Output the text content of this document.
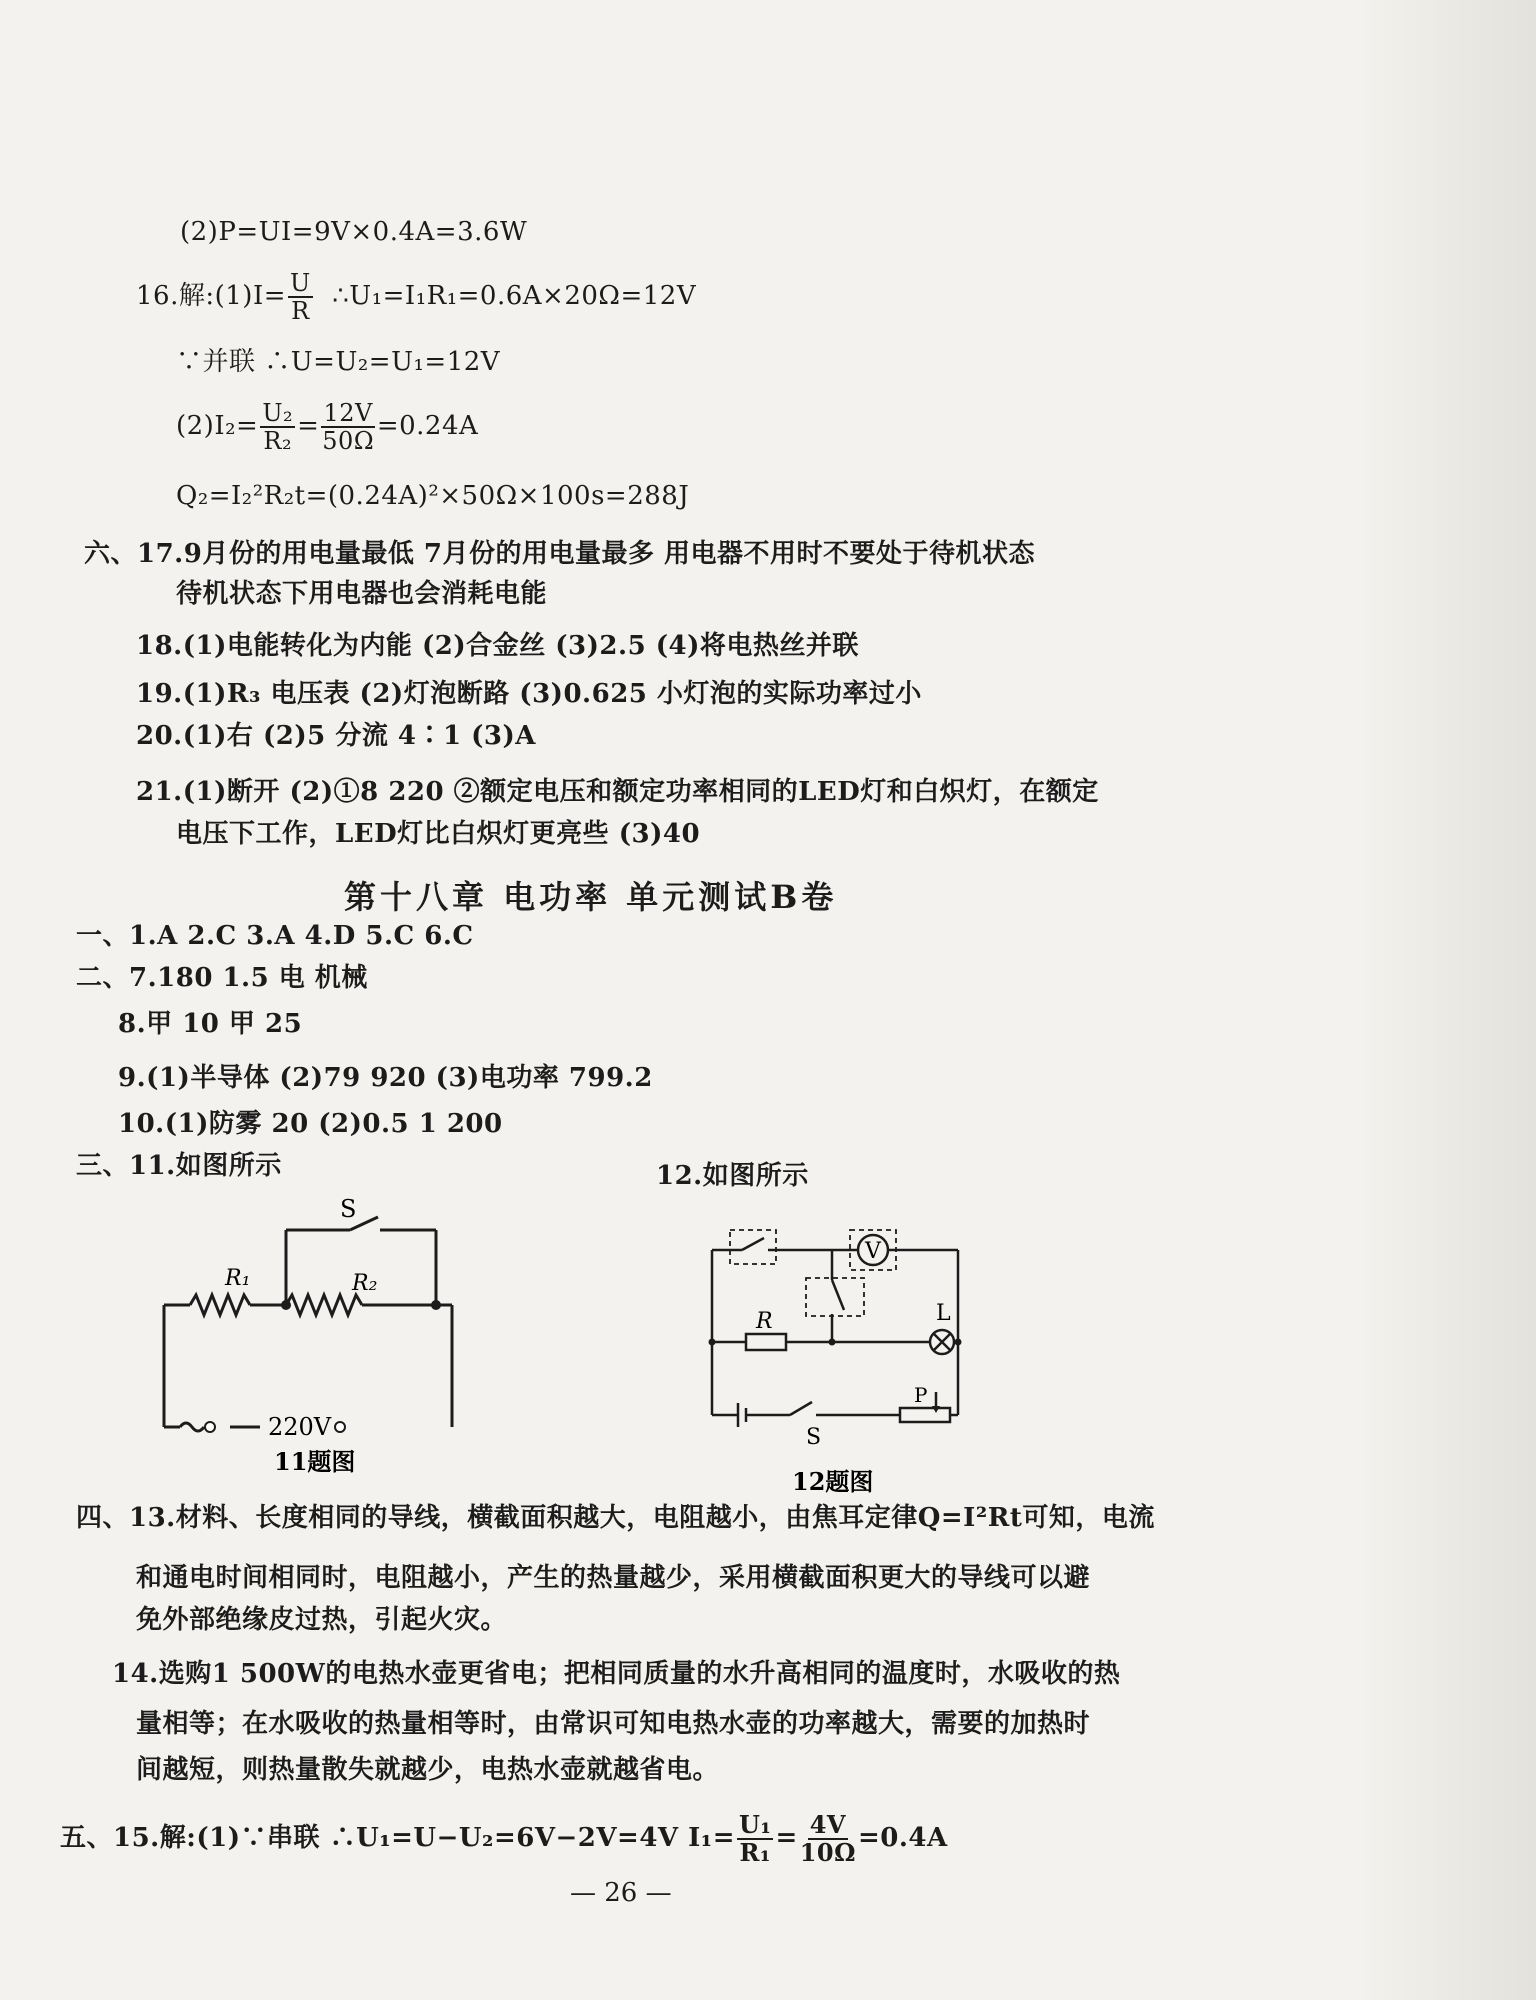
(2)P=UI=9V×0.4A=3.6W
16.解:(1)I= $\frac{U}{R}$ ∴U₁=I₁R₁=0.6A×20Ω=12V
∵并联 ∴U=U₂=U₁=12V
$(2)I_2= \frac{\text{U₂}}{\text{R₂}} = \frac{12V}{50\Omega} =0.24A$
Q₂=I₂²R₂t=(0.24A)²×50Ω×100s=288J
六、17.9月份的用电量最低 7月份的用电量最多 用电器不用时不要处于待机状态
待机状态下用电器也会消耗电能
18.(1)电能转化为内能 (2)合金丝 (3)2.5 (4)将电热丝并联
19.(1)R₃ 电压表 (2)灯泡断路 (3)0.625 小灯泡的实际功率过小
20.(1)右 (2)5 分流 4∶1 (3)A
21.(1)断开 (2)①8 220 ②额定电压和额定功率相同的LED灯和白炽灯，在额定
电压下工作，LED灯比白炽灯更亮些 (3)40
第十八章 电功率 单元测试B卷
一、1.A 2.C 3.A 4.D 5.C 6.C
二、7.180 1.5 电 机械
8.甲 10 甲 25
9.(1)半导体 (2)79 920 (3)电功率 799.2
10.(1)防雾 20 (2)0.5 1 200
三、11.如图所示	12.如图所示
S
R₁	R₂
220V
11题图
V
L
R
P
S
12题图
四、13.材料、长度相同的导线，横截面积越大，电阻越小，由焦耳定律Q=I²Rt可知，电流
和通电时间相同时，电阻越小，产生的热量越少，采用横截面积更大的导线可以避
免外部绝缘皮过热，引起火灾。
14.选购1 500W的电热水壶更省电；把相同质量的水升高相同的温度时，水吸收的热
量相等；在水吸收的热量相等时，由常识可知电热水壶的功率越大，需要的加热时
间越短，则热量散失就越少，电热水壶就越省电。
五、15.解:(1)∵串联 ∴U₁=U−U₂=6V−2V=4V $I_1= \frac{\text{U₁}}{\text{R₁}} = \frac{4V}{10\Omega} =0.4A$
— 26 —
